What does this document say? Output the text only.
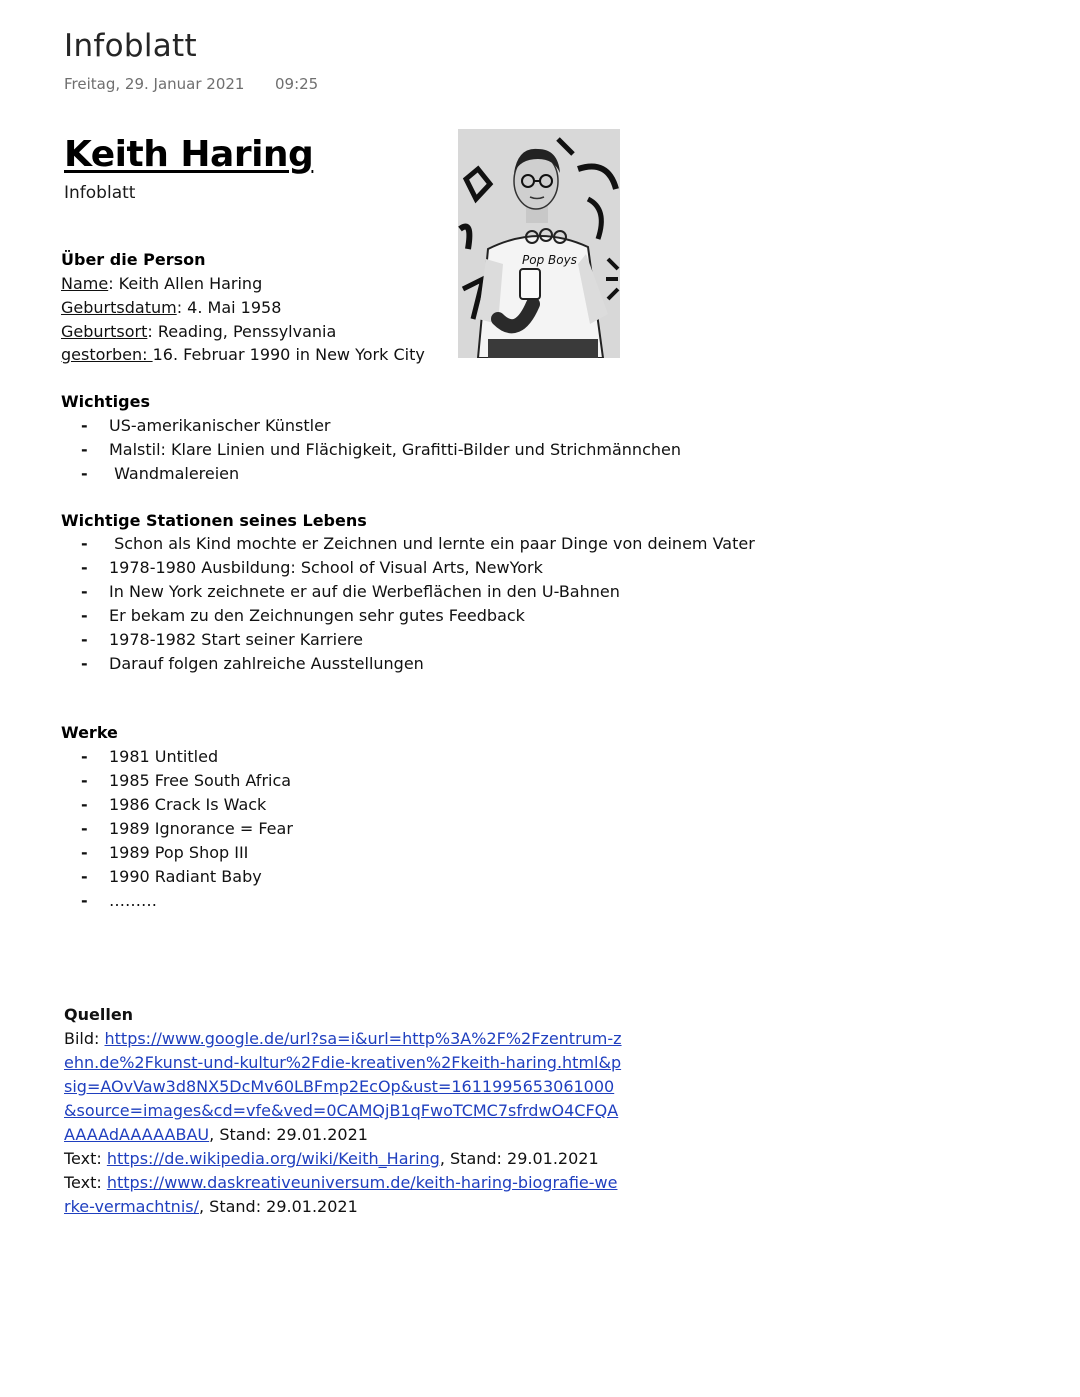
Infoblatt
Freitag, 29. Januar 2021 09:25
Keith Haring
Infoblatt
Pop Boys
Über die Person
Name: Keith Allen Haring
Geburtsdatum: 4. Mai 1958
Geburtsort: Reading, Penssylvania
gestorben: 16. Februar 1990 in New York City
Wichtiges
- US-amerikanischer Künstler
- Malstil: Klare Linien und Flächigkeit, Grafitti-Bilder und Strichmännchen
-  Wandmalereien
Wichtige Stationen seines Lebens
-  Schon als Kind mochte er Zeichnen und lernte ein paar Dinge von deinem Vater
- 1978-1980 Ausbildung: School of Visual Arts, NewYork
- In New York zeichnete er auf die Werbeflächen in den U-Bahnen
- Er bekam zu den Zeichnungen sehr gutes Feedback
- 1978-1982 Start seiner Karriere
- Darauf folgen zahlreiche Ausstellungen
Werke
- 1981 Untitled
- 1985 Free South Africa
- 1986 Crack Is Wack
- 1989 Ignorance = Fear
- 1989 Pop Shop III
- 1990 Radiant Baby
- ………
Quellen
Bild: https://www.google.de/url?sa=i&url=http%3A%2F%2Fzentrum-zehn.de%2Fkunst-und-kultur%2Fdie-kreativen%2Fkeith-haring.html&psig=AOvVaw3d8NX5DcMv60LBFmp2EcOp&ust=1611995653061000&source=images&cd=vfe&ved=0CAMQjB1qFwoTCMC7sfrdwO4CFQAAAAAdAAAAABAU, Stand: 29.01.2021
Text: https://de.wikipedia.org/wiki/Keith_Haring, Stand: 29.01.2021
Text: https://www.daskreativeuniversum.de/keith-haring-biografie-werke-vermachtnis/, Stand: 29.01.2021
